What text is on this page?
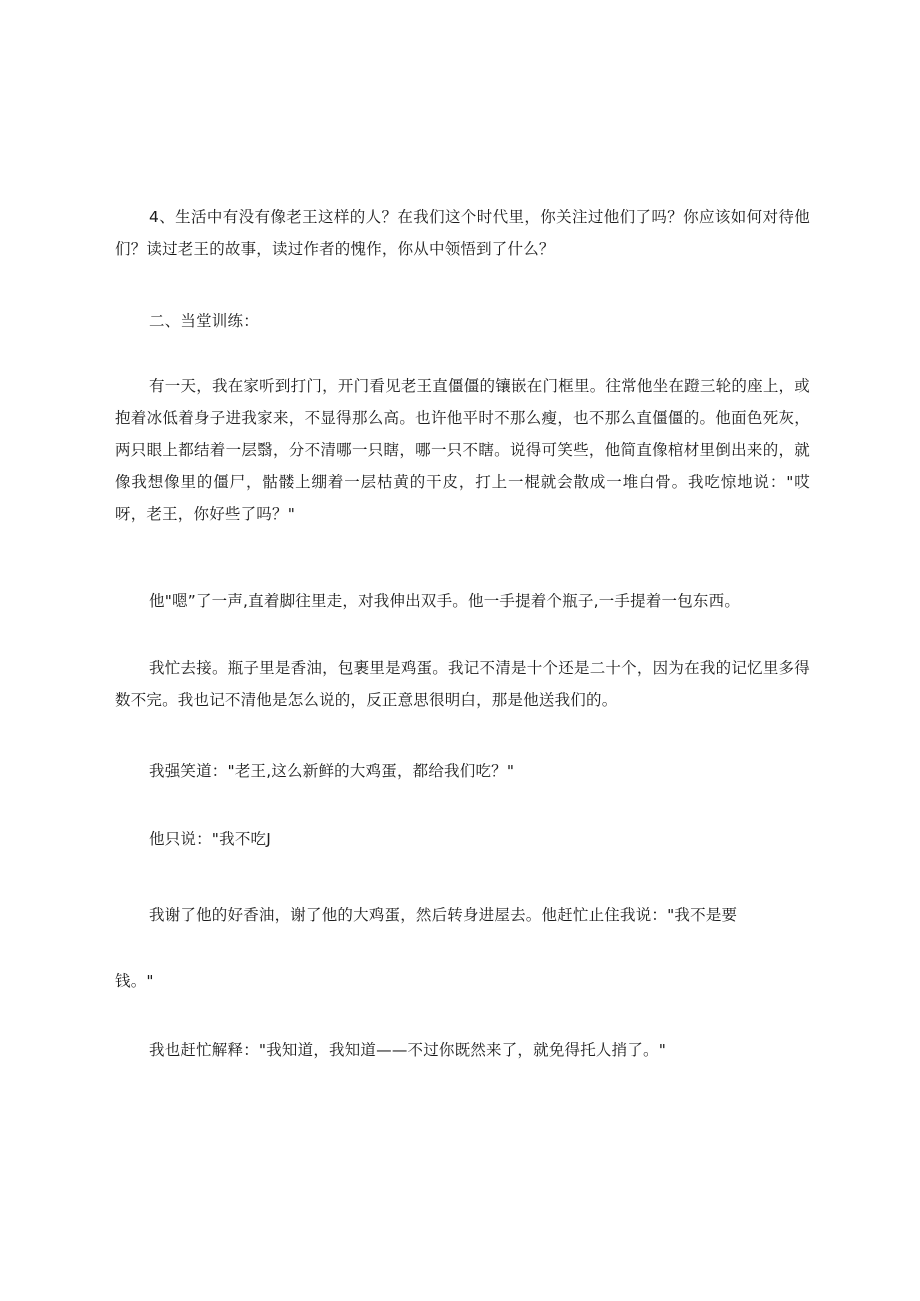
4、生活中有没有像老王这样的人？在我们这个时代里，你关注过他们了吗？你应该如何对待他们？读过老王的故事，读过作者的愧作，你从中领悟到了什么？

二、当堂训练：

有一天，我在家听到打门，开门看见老王直僵僵的镶嵌在门框里。往常他坐在蹬三轮的座上，或抱着冰低着身子进我家来，不显得那么高。也许他平时不那么瘦，也不那么直僵僵的。他面色死灰，两只眼上都结着一层翳，分不清哪一只瞎，哪一只不瞎。说得可笑些，他简直像棺材里倒出来的，就像我想像里的僵尸，骷髅上绷着一层枯黄的干皮，打上一棍就会散成一堆白骨。我吃惊地说："哎呀，老王，你好些了吗？"

他"嗯”了一声,直着脚往里走，对我伸出双手。他一手提着个瓶子,一手提着一包东西。

我忙去接。瓶子里是香油，包裹里是鸡蛋。我记不清是十个还是二十个，因为在我的记忆里多得数不完。我也记不清他是怎么说的，反正意思很明白，那是他送我们的。

我强笑道："老王,这么新鲜的大鸡蛋，都给我们吃？"

他只说："我不吃J

我谢了他的好香油，谢了他的大鸡蛋，然后转身进屋去。他赶忙止住我说："我不是要

钱。"

我也赶忙解释："我知道，我知道——不过你既然来了，就免得托人捎了。"
